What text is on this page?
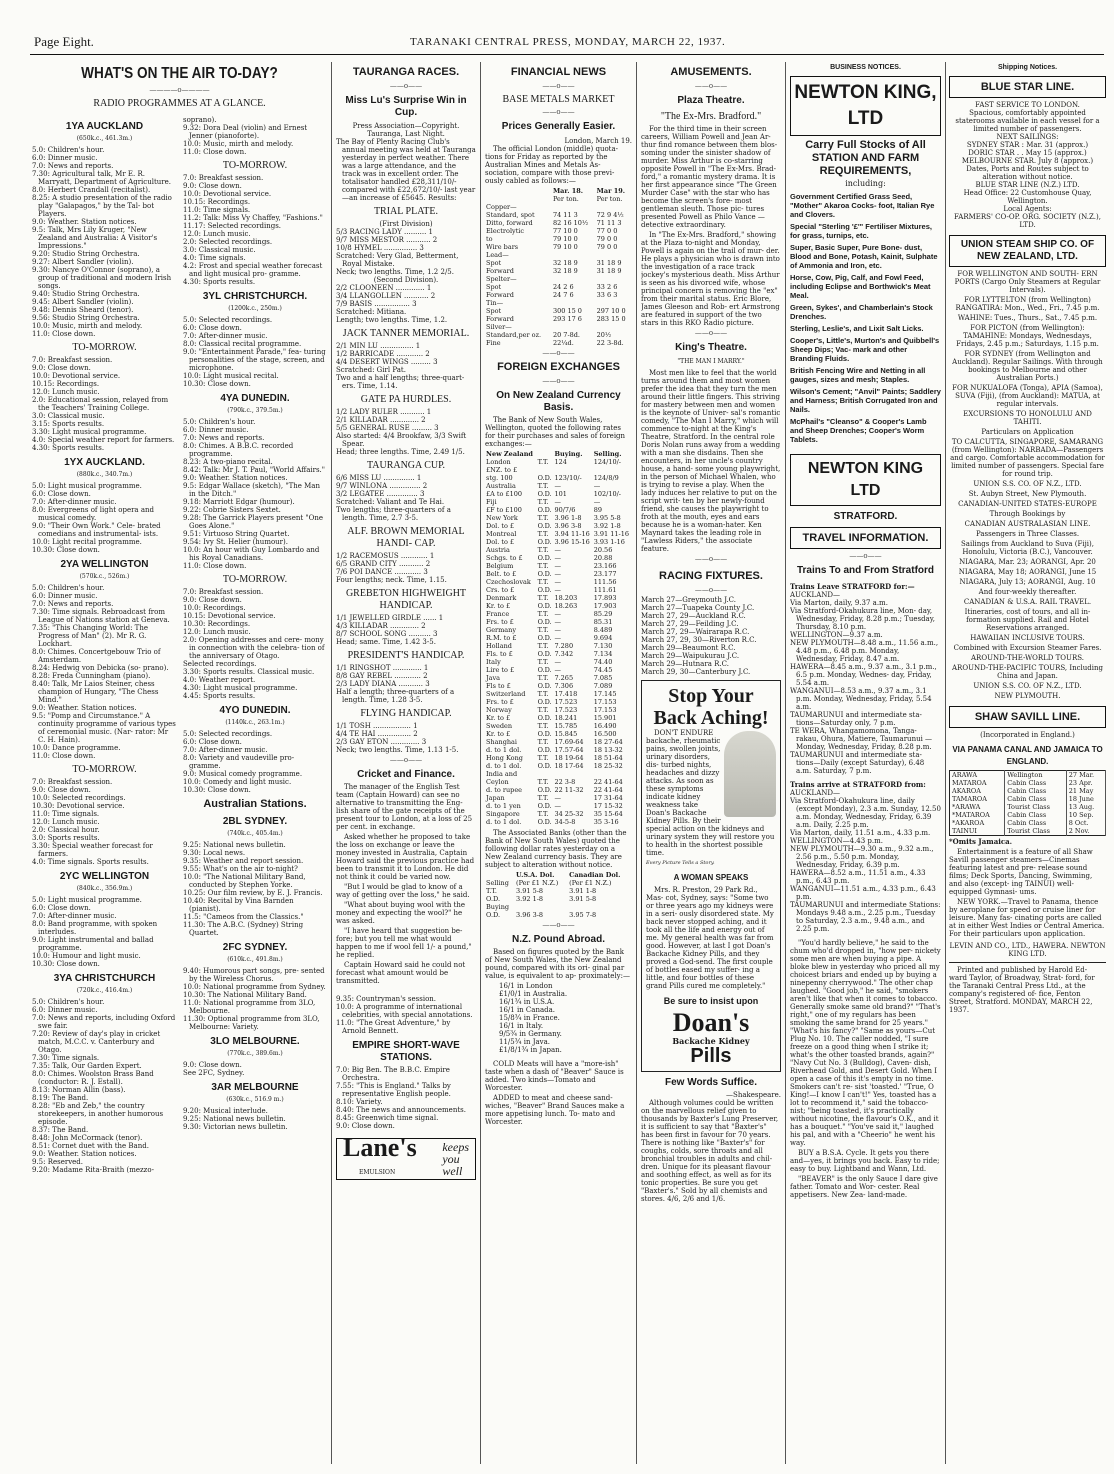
Page Eight.	TARANAKI CENTRAL PRESS, MONDAY, MARCH 22, 1937.
WHAT'S ON THE AIR TO-DAY?
————o————
RADIO PROGRAMMES AT A GLANCE.
1YA AUCKLAND
(650k.c., 461.3m.)

5.0: Children's hour.

6.0: Dinner music.

7.0: News and reports.

7.30: Agricultural talk, Mr E. R. Marryatt, Department of Agriculture.

8.0: Herbert Crandall (recitalist).

8.25: A studio presentation of the radio play "Galapagos," by the Tal- bot Players.

9.0: Weather. Station notices.

9.5: Talk, Mrs Lily Kruger, "New Zealand and Australia: A Visitor's Impressions."

9.20: Studio String Orchestra.

9.27: Albert Sandler (violin).

9.30: Nancye O'Connor (soprano), a group of traditional and modern Irish songs.

9.40: Studio String Orchestra.

9.45: Albert Sandler (violin).

9.48: Dennis Sheard (tenor).

9.56: Studio String Orchestra.

10.0: Music, mirth and melody.

11.0: Close down.

TO-MORROW.

7.0: Breakfast session.

9.0: Close down.

10.0: Devotional service.

10.15: Recordings.

12.0: Lunch music.

2.0: Educational session, relayed from the Teachers' Training College.

3.0: Classical music.

3.15: Sports results.

3.30: Light musical programme.

4.0: Special weather report for farmers.

4.30: Sports results.

1YX AUCKLAND.
(880k.c., 340.7m.)

5.0: Light musical programme.

6.0: Close down.

7.0: After-dinner music.

8.0: Evergreens of light opera and musical comedy.

9.0: "Their Own Work." Cele- brated comedians and instrumental- ists.

10.0: Light recital programme.

10.30: Close down.

2YA WELLINGTON
(570k.c., 526m.)

5.0: Children's hour.

6.0: Dinner music.

7.0: News and reports.

7.30: Time signals. Rebroadcast from League of Nations station at Geneva.

7.35: "This Changing World: The Progress of Man" (2). Mr R. G. Lockhart.

8.0: Chimes. Concertgebouw Trio of Amsterdam.

8.24: Hedwig von Debicka (so- prano).

8.28: Freda Cunningham (piano).

8.40: Talk, Mr Laios Steiner, chess champion of Hungary, "The Chess Mind."

9.0: Weather. Station notices.

9.5: "Pomp and Circumstance." A continuity programme of various types of ceremonial music. (Nar- rator: Mr C. H. Hain).

10.0: Dance programme.

11.0: Close down.

TO-MORROW.

7.0: Breakfast session.

9.0: Close down.

10.0: Selected recordings.

10.30: Devotional service.

11.0: Time signals.

12.0: Lunch music.

2.0: Classical hour.

3.0: Sports results.

3.30: Special weather forecast for farmers.

4.0: Time signals. Sports results.

2YC WELLINGTON
(840k.c., 356.9m.)

5.0: Light musical programme.

6.0: Close down.

7.0: After-dinner music.

8.0: Band programme, with spoken interludes.

9.0: Light instrumental and ballad programme.

10.0: Humour and light music.

10.30: Close down.

3YA CHRISTCHURCH
(720k.c., 416.4m.)

5.0: Children's hour.

6.0: Dinner music.

7.0: News and reports, including Oxford swe fair.

7.20: Review of day's play in cricket match, M.C.C. v. Canterbury and Otago.

7.30: Time signals.

7.35: Talk, Our Garden Expert.

8.0: Chimes. Woolston Brass Band (conductor: R. J. Estall).

8.13: Norman Allin (bass).

8.19: The Band.

8.28: "Eb and Zeb," the country storekeepers, in another humorous episode.

8.37: The Band.

8.48: John McCormack (tenor).

8.51: Cornet duet with the Band.

9.0: Weather. Station notices.

9.5: Reserved.

9.20: Madame Rita-Braith (mezzo-

soprano).

9.32: Dora Deal (violin) and Ernest Jenner (pianoforte).

10.0: Music, mirth and melody.

11.0: Close down.

TO-MORROW.

7.0: Breakfast session.

9.0: Close down.

10.0: Devotional service.

10.15: Recordings.

11.0: Time signals.

11.2: Talk: Miss Vy Chaffey, "Fashions."

11.17: Selected recordings.

12.0: Lunch music.

2.0: Selected recordings.

3.0: Classical music.

4.0: Time signals.

4.2: Frost and special weather forecast and light musical pro- gramme.

4.30: Sports results.

3YL CHRISTCHURCH.
(1200k.c., 250m.)

5.0: Selected recordings.

6.0: Close down.

7.0: After-dinner music.

8.0: Classical recital programme.

9.0: "Entertainment Parade," fea- turing personalities of the stage, screen, and microphone.

10.0: Light musical recital.

10.30: Close down.

4YA DUNEDIN.
(790k.c., 379.5m.)

5.0: Children's hour.

6.0: Dinner music.

7.0: News and reports.

8.0: Chimes. A B.B.C. recorded programme.

8.23: A two-piano recital.

8.42: Talk: Mr J. T. Paul, "World Affairs."

9.0: Weather. Station notices.

9.5: Edgar Wallace (sketch), "The Man in the Ditch."

9.18: Marriott Edgar (humour).

9.22: Cobrie Sisters Sextet.

9.28: The Garrick Players present "One Goes Alone."

9.51: Virtuoso String Quartet.

9.54: Ivy St. Helier (humour).

10.0: An hour with Guy Lombardo and his Royal Canadians.

11.0: Close down.

TO-MORROW.

7.0: Breakfast session.

9.0: Close down.

10.0: Recordings.

10.15: Devotional service.

10.30: Recordings.

12.0: Lunch music.

2.0: Opening addresses and cere- mony in connection with the celebra- tion of the anniversary of Otago.

Selected recordings.

3.30: Sports results. Classical music.

4.0: Weather report.

4.30: Light musical programme.

4.45: Sports results.

4YO DUNEDIN.
(1140k.c., 263.1m.)

5.0: Selected recordings.

6.0: Close down.

7.0: After-dinner music.

8.0: Variety and vaudeville pro- gramme.

9.0: Musical comedy programme.

10.0: Comedy and light music.

10.30: Close down.

Australian Stations.
2BL SYDNEY.
(740k.c., 405.4m.)

9.25: National news bulletin.

9.30: Local news.

9.35: Weather and report session.

9.55: What's on the air to-night?

10.0: "The National Military Band, conducted by Stephen Yorke.

10.25: Our film review, by E. J. Francis.

10.40: Recital by Vina Barnden (pianist).

11.5: "Cameos from the Classics."

11.30: The A.B.C. (Sydney) String Quartet.

2FC SYDNEY.
(610k.c., 491.8m.)

9.40: Humorous part songs, pre- sented by the Wireless Chorus.

10.0: National programme from Sydney.

10.30: The National Military Band.

11.0: National programme from 3LO, Melbourne.

11.30: Optional programme from 3LO, Melbourne: Variety.

3LO MELBOURNE.
(770k.c., 389.6m.)

9.0: Close down.

See 2FC, Sydney.

3AR MELBOURNE
(630k.c., 516.9 m.)

9.20: Musical interlude.

9.25: National news bulletin.

9.30: Victorian news bulletin.

TAURANGA RACES.
——o——
Miss Lu's Surprise Win in Cup.
Press Association—Copyright.
Tauranga, Last Night.

The Bay of Plenty Racing Club's annual meeting was held at Tauranga yesterday in perfect weather. There was a large attendance, and the track was in excellent order. The totalisator handled £28,311/10/- compared with £22,672/10/- last year—an increase of £5645. Results:

TRIAL PLATE.
(First Division)

5/3 RACING LADY .......... 1

9/7 MISS MESTOR ........... 2

10/8 HYMEL ............... 3

Scratched: Very Glad, Betterment, Royal Mistake.

Neck; two lengths. Time, 1.2 2/5.

(Second Division).

2/2 CLOONEEN ............. 1

3/4 LLANGOLLEN ........... 2

7/9 BASIS ................ 3

Scratched: Mitiana.

Length; two lengths. Time, 1.2.

JACK TANNER MEMORIAL.

2/1 MIN LU ............... 1

1/2 BARRICADE ............ 2

4/4 DESERT WINGS ......... 3

Scratched: Girl Pat.

Two and a half lengths; three-quart- ers. Time, 1.14.

GATE PA HURDLES.

1/2 LADY RULER ........... 1

2/1 KILLADAR ............. 2

5/5 GENERAL RUSE ......... 3

Also started: 4/4 Brookfaw, 3/3 Swift Spear.

Head; three lengths. Time, 2.49 1/5.

TAURANGA CUP.

6/6 MISS LU .............. 1

9/7 WINLONA .............. 2

3/2 LEGATEE .............. 3

Scratched: Valiant and Te Hai.

Two lengths; three-quarters of a length. Time, 2.7 3-5.

ALF. BROWN MEMORIAL HANDI- CAP.

1/2 RACEMOSUS ............ 1

6/5 GRAND CITY ........... 2

7/6 POI DANCE ............ 3

Four lengths; neck. Time, 1.15.

GREBETON HIGHWEIGHT HANDICAP.

1/1 JEWELLED GIRDLE ...... 1

4/3 KILLADAR ............. 2

8/7 SCHOOL SONG .......... 3

Head; same. Time, 1.42 3-5.

PRESIDENT'S HANDICAP.

1/1 RINGSHOT ............. 1

8/8 GAY REBEL ............ 2

2/3 LADY DIANA ........... 3

Half a length; three-quarters of a length. Time, 1.28 3-5.

FLYING HANDICAP.

1/1 TOSH ................. 1

4/4 TE HAI ............... 2

2/3 GAY ETON ............. 3

Neck; two lengths. Time, 1.13 1-5.

——o——
Cricket and Finance.

The manager of the English Test team (Captain Howard) can see no alternative to transmitting the Eng- lish share of the gate receipts of the present tour to London, at a loss of 25 per cent. in exchange.

Asked whether he proposed to take the loss on exchange or leave the money invested in Australia, Captain Howard said the previous practice had been to transmit it to London. He did not think it could be varied now.

"But I would be glad to know of a way of getting over the loss," he said.

"What about buying wool with the money and expecting the wool?" he was asked.

"I have heard that suggestion be- fore; but you tell me what would happen to me if wool fell 1/- a pound," he replied.

Captain Howard said he could not forecast what amount would be transmitted.

9.35: Countryman's session.

10.0: A programme of international celebrities, with special annotations.

11.0: "The Great Adventure," by Arnold Bennett.

EMPIRE SHORT-WAVE STATIONS.

7.0: Big Ben. The B.B.C. Empire Orchestra.

7.55: "This is England." Talks by representative English people.

8.10: Variety.

8.40: The news and announcements.

8.45: Greenwich time signal.

9.0: Close down.

Lane's
EMULSION
keeps
you
well
FINANCIAL NEWS
——o——
BASE METALS MARKET
——o——
Prices Generally Easier.
London, March 19.

The official London (middle) quota- tions for Friday as reported by the Australian Mines and Metals As- sociation, compare with those previ- ously cabled as follows:—

	Mar. 18.	Mar 19.
	Per ton.	Per ton.
Copper—		
Standard, spot	74 11 3	72 9 4½
Ditto, forward	82 16 10½	71 11 3
Electrolytic	77 10 0	77 0 0
to	79 10 0	79 0 0
Wire bars	79 10 0	79 0 0
Lead—		
Spot	32 18 9	31 18 9
Forward	32 18 9	31 18 9
Spelter—		
Spot	24 2 6	33 2 6
Forward	24 7 6	33 6 3
Tin—		
Spot	300 15 0	297 10 0
Forward	293 17 6	283 15 0
Silver—		
Standard,per oz.	20 7-8d.	20½
Fine	22¼d.	22 3-8d.
——o——
FOREIGN EXCHANGES
——o——
On New Zealand Currency Basis.

The Bank of New South Wales, Wellington, quoted the following rates for their purchases and sales of foreign exchanges:—

New Zealand		Buying.	Selling.
London	T.T.	124	124/10/-
£NZ. to £			
stg. 100	O.D.	123/10/-	124/8/9
Australia	T.T.	—	—
£A to £100	O.D.	101	102/10/-
Fiji	T.T.	—	—
£F to £100	O.D.	90/7/6	89
New York	T.T.	3.96 1-8	3.95 5-8
Dol. to £	O.D.	3.96 3-8	3.92 1-8
Montreal	T.T.	3.94 11-16	3.91 11-16
Dol. to £	O.D.	3.96 15-16	3.93 1-16
Austria	T.T.	—	20.56
Schgs. to £	O.D.	—	20.88
Belgium	T.T.	—	23.166
Belt. to £	O.D.	—	23.177
Czechoslovak	T.T.	—	111.56
Crs. to £	O.D.	—	111.61
Denmark	T.T.	18.203	17.893
Kr. to £	O.D.	18.263	17.903
France	T.T.	—	85.29
Frs. to £	O.D.	—	85.31
Germany	T.T.	—	8.489
R.M. to £	O.D.	—	9.694
Holland	T.T.	7.280	7.130
Fls. to £	O.D.	7.342	7.134
Italy	T.T.	—	74.40
Lire to £	O.D.	—	74.45
Java	T.T.	7.265	7.085
Fls to £	O.D.	7.306	7.089
Switzerland	T.T.	17.418	17.145
Frs. to £	O.D.	17.523	17.153
Norway	T.T.	17.523	17.153
Kr. to £	O.D.	18.241	15.901
Sweden	T.T.	15.785	16.490
Kr. to £	O.D.	15.845	16.500
Shanghai	T.T.	17.69-64	18 27-64
d. to 1 dol.	O.D.	17.57-64	18 13-32
Hong Kong	T.T.	18 19-64	18 51-64
d. to 1 dol.	O.D.	18 17-64	18 25-32
India and			
Ceylon	T.T.	22 3-8	22 41-64
d. to rupee	O.D.	22 11-32	22 41-64
Japan	T.T.	—	17 31-64
d. to 1 yen	O.D.	—	17 15-32
Singapore	T.T.	34 25-32	35 15-64
d. to 1 dol.	O.D.	34-5-8	35 3-16

The Associated Banks (other than the Bank of New South Wales) quoted the following dollar rates yesterday on a New Zealand currency basis. They are subject to alteration without notice.

	U.S.A. Dol.	Canadian Dol.
Selling	(Per £1 N.Z.)	(Per £1 N.Z.)
T.T.	3.91 5-8	3.91 1-8
O.D.	3.92 1-8	3.91 5-8
Buying		
O.D.	3.96 3-8	3.95 7-8
——o——
N.Z. Pound Abroad.

Based on figures quoted by the Bank of New South Wales, the New Zealand pound, compared with its ori- ginal par value, is equivalent to ap- proximately:—

16/1 in London

£1/0/1 in Australia.

16/1¾ in U.S.A.

16/1 in Canada.

15/8¾ in France.

16/1 in Italy.

9/5¾ in Germany.

11/5¾ in Java.

£1/8/1¾ in Japan.

COLD Meats will have a "more-ish" taste when a dash of "Beaver" Sauce is added. Two kinds—Tomato and Worcester.

ADDED to meat and cheese sand- wiches, "Beaver" Brand Sauces make a more appetising lunch. To- mato and Worcester.

AMUSEMENTS.
——o——
Plaza Theatre.
"The Ex-Mrs. Bradford."

For the third time in their screen careers, William Powell and Jean Ar- thur find romance between them blos- soming under the sinister shadow of murder. Miss Arthur is co-starring opposite Powell in "The Ex-Mrs. Brad- ford," a romantic mystery drama. It is her first appearance since "The Green Murder Case" with the star who has become the screen's fore- most gentleman sleuth. Those pic- tures presented Powell as Philo Vance —detective extraordinary.

In "The Ex-Mrs. Bradford," showing at the Plaza to-night and Monday, Powell is again on the trail of mur- der. He plays a physician who is drawn into the investigation of a race track jockey's mysterious death. Miss Arthur is seen as his divorced wife, whose principal concern is removing the "ex" from their marital status. Eric Blore, James Gleeson and Rob- ert Armstrong are featured in support of the two stars in this RKO Radio picture.

——o——
King's Theatre.
"THE MAN I MARRY."

Most men like to feel that the world turns around them and most women prefer the idea that they turn the men around their little fingers. This striving for mastery between men and women is the keynote of Univer- sal's romantic comedy, "The Man I Marry," which will commence to-night at the King's Theatre, Stratford. In the central role Doris Nolan runs away from a wedding with a man she disdains. Then she encounters, in her uncle's country house, a hand- some young playwright, in the person of Michael Whalen, who is trying to revise a play. When the lady induces her relative to put on the script writ- ten by her newly-found friend, she causes the playwright to froth at the mouth, eyes and ears because he is a woman-hater. Ken Maynard takes the leading role in "Lawless Riders," the associate feature.

——o——
RACING FIXTURES.
——o——

March 27—Greymouth J.C.

March 27—Tuapeka County J.C.

March 27, 29—Auckland R.C.

March 27, 29—Feilding J.C.

March 27, 29—Wairarapa R.C.

March 27, 29, 30—Riverton R.C.

March 29—Beaumont R.C.

March 29—Waipukurau J.C.

March 29—Hutnara R.C.

March 29, 30—Canterbury J.C.

Stop Your Back Aching!

DON'T ENDURE backache, rheumatic pains, swollen joints, urinary disorders, dis- turbed nights, headaches and dizzy attacks. As soon as these symptoms indicate kidney weakness take Doan's Backache Kidney Pills. By their special action on the kidneys and urinary system they will restore you to health in the shortest possible time.

Every Picture Tells a Story.
A WOMAN SPEAKS

Mrs. R. Preston, 29 Park Rd., Mas- cot, Sydney, says: "Some two or three years ago my kidneys were in a seri- ously disordered state. My back never stopped aching, and it took all the life and energy out of me. My general health was far from good. However, at last I got Doan's Backache Kidney Pills, and they proved a God-send. The first couple of bottles eased my suffer- ing a little, and four bottles of these grand Pills cured me completely."

Be sure to insist upon
Doan's
Backache Kidney
Pills
Few Words Suffice.
—Shakespeare.

Although volumes could be written on the marvellous relief given to thousands by Baxter's Lung Preserver, it is sufficient to say that "Baxter's" has been first in favour for 70 years. There is nothing like "Baxter's" for coughs, colds, sore throats and all bronchial troubles in adults and chil- dren. Unique for its pleasant flavour and soothing effect, as well as for its tonic properties. Be sure you get "Baxter's." Sold by all chemists and stores. 4/6, 2/6 and 1/6.

BUSINESS NOTICES.
NEWTON KING, LTD
Carry Full Stocks of All STATION AND FARM REQUIREMENTS,
including:
Government Certified Grass Seed, "Mother" Akaroa Cocks- foot, Italian Rye and Clovers.
Special "Sterling '£'" Fertiliser Mixtures, for grass, turnips, etc.
Super, Basic Super, Pure Bone- dust, Blood and Bone, Potash, Kainit, Sulphate of Ammonia and Iron, etc.
Horse, Cow, Pig, Calf, and Fowl Feed, including Eclipse and Borthwick's Meat Meal.
Green, Sykes', and Chamberlain's Stock Drenches.
Sterling, Leslie's, and Lixit Salt Licks.
Cooper's, Little's, Murton's and Quibbell's Sheep Dips; Vac- mark and other Branding Fluids.
British Fencing Wire and Netting in all gauges, sizes and mesh; Staples.
Wilson's Cement; "Anvil" Paints; Saddlery and Harness; British Corrugated Iron and Nails.
McPhail's "Cleanso" & Cooper's Lamb and Sheep Drenches; Cooper's Worm Tablets.
NEWTON KING LTD
STRATFORD.
TRAVEL INFORMATION.
——o——
Trains To and From Stratford
Trains Leave STRATFORD for:—

AUCKLAND—

Via Marton, daily, 9.37 a.m.

Via Stratford-Okahukura line, Mon- day, Wednesday, Friday, 8.28 p.m.; Tuesday, Thursday, 8.10 p.m.

WELLINGTON—9.37 a.m.

NEW PLYMOUTH—8.48 a.m., 11.56 a.m., 4.48 p.m., 6.48 p.m. Monday, Wednesday, Friday, 8.47 a.m.

HAWERA—8.45 a.m., 9.37 a.m., 3.1 p.m., 6.5 p.m. Monday, Wednes- day, Friday, 5.54 a.m.

WANGANUI—8.53 a.m., 9.37 a.m., 3.1 p.m. Monday, Wednesday, Friday, 5.54 a.m.

TAUMARUNUI and intermediate sta- tions—Saturday only, 7 p.m.

TE WERA, Whangamomona, Tanga- rakau, Ohura, Matiere, Taumarunui —Monday, Wednesday, Friday, 8.28 p.m.

TAUMARUNUI and intermediate sta- tions—Daily (except Saturday), 6.48 a.m. Saturday, 7 p.m.

Trains arrive at STRATFORD from:

AUCKLAND—

Via Stratford-Okahukura line, daily (except Monday), 2.3 a.m. Sunday, 12.50 a.m. Monday, Wednesday, Friday, 6.39 a.m. Daily, 2.25 p.m.

Via Marton, daily, 11.51 a.m., 4.33 p.m.

WELLINGTON—4.43 p.m.

NEW PLYMOUTH—9.30 a.m., 9.32 a.m., 2.56 p.m., 5.50 p.m. Monday, Wednesday, Friday, 6.39 p.m.

HAWERA—8.52 a.m., 11.51 a.m., 4.33 p.m., 6.43 p.m.

WANGANUI—11.51 a.m., 4.33 p.m., 6.43 p.m.

TAUMARUNUI and intermediate Stations: Mondays 9.48 a.m., 2.25 p.m., Tuesday to Saturday, 2.3 a.m., 9.48 a.m., and 2.25 p.m.

"You'd hardly believe," he said to the chum who'd dropped in, "how per- nickety some men are when buying a pipe. A bloke blew in yesterday who priced all my choicest briars and ended up by buying a ninepenny cherrywood." The other chap laughed. "Good job," he said, "smokers aren't like that when it comes to tobacco. Generally smoke same old brand?" "That's right," one of my regulars has been smoking the same brand for 25 years." "What's his fancy?" "Same as yours—Cut Plug No. 10. The caller nodded, "I sure freeze on a good thing when I strike it; what's the other toasted brands, again?" "Navy Cut No. 3 (Bulldog), Caven- dish, Riverhead Gold, and Desert Gold. When I open a case of this it's empty in no time. Smokers can't re- sist 'toasted.' "True, O King!—I know I can't!" Yes, toasted has a lot to recommend it," said the tobacco- nist; "being toasted, it's practically without nicotine, the flavour's O.K., and it has a bouquet." "You've said it," laughed his pal, and with a "Cheerio" he went his way.

BUY a B.S.A. Cycle. It gets you there and—yes, it brings you back. Easy to ride; easy to buy. Lightband and Wann, Ltd.

"BEAVER" is the only Sauce I dare give father. Tomato and Wor- cester. Real appetisers. New Zea- land-made.

Shipping Notices.
BLUE STAR LINE.
FAST SERVICE TO LONDON.
Spacious, comfortably appointed staterooms available in each vessel for a limited number of passengers.
NEXT SAILINGS:
SYDNEY STAR : Mar. 31 (approx.)
DORIC STAR . . May 15 (approx.)
MELBOURNE STAR. July 8 (approx.)
Dates, Ports and Routes subject to alteration without notice.
BLUE STAR LINE (N.Z.) LTD.
Head Office: 22 Customhouse Quay, Wellington.
Local Agents:
FARMERS' CO-OP. ORG. SOCIETY (N.Z.), LTD.
UNION STEAM SHIP CO. OF NEW ZEALAND, LTD.
FOR WELLINGTON AND SOUTH- ERN PORTS (Cargo Only Steamers at Regular Intervals).
FOR LYTTELTON (from Wellington) RANGATIRA: Mon., Wed., Fri., 7.45 p.m.
WAHINE: Tues., Thurs., Sat., 7.45 p.m.
FOR PICTON (from Wellington): TAMAHINE: Mondays, Wednesdays, Fridays, 2.45 p.m.; Saturdays, 1.15 p.m.
FOR SYDNEY (from Wellington and Auckland). Regular Sailings. With through bookings to Melbourne and other Australian Ports.)
FOR NUKUALOFA (Tonga), APIA (Samoa), SUVA (Fiji), (from Auckland): MATUA, at regular intervals.
EXCURSIONS TO HONOLULU AND TAHITI.
Particulars on Application
TO CALCUTTA, SINGAPORE, SAMARANG (from Wellington): NARBADA—Passengers and cargo. Comfortable accommodation for limited number of passengers. Special fare for round trip.
UNION S.S. CO. OF N.Z., LTD.
St. Aubyn Street, New Plymouth.
CANADIAN-UNITED STATES-EUROPE
Through Bookings by
CANADIAN AUSTRALASIAN LINE.
Passengers in Three Classes.
Sailings from Auckland to Suva (Fiji), Honolulu, Victoria (B.C.), Vancouver.
NIAGARA, Mar. 23; AORANGI, Apr. 20
NIAGARA, May 18; AORANGI, June 15
NIAGARA, July 13; AORANGI, Aug. 10
And four-weekly thereafter.
CANADIAN & U.S.A. RAIL TRAVEL.
Itineraries, cost of tours, and all in- formation supplied. Rail and Hotel Reservations arranged.
HAWAIIAN INCLUSIVE TOURS.
Combined with Excursion Steamer Fares.
AROUND-THE-WORLD TOURS.
AROUND-THE-PACIFIC TOURS, Including China and Japan.
UNION S.S. CO. OF N.Z., LTD.
NEW PLYMOUTH.
SHAW SAVILL LINE.
(Incorporated in England.)
VIA PANAMA CANAL AND JAMAICA TO ENGLAND.
ARAWA	Wellington	27 Mar.
MATAROA	Cabin Class	23 Apr.
AKAROA	Cabin Class	21 May
TAMAROA	Cabin Class	18 June
*ARAWA	Tourist Class	13 Aug.
*MATAROA	Cabin Class	10 Sep.
*AKAROA	Cabin Class	8 Oct.
TAINUI	Tourist Class	2 Nov.
*Omits Jamaica.

Entertainment is a feature of all Shaw Savill passenger steamers—Cinemas featuring latest and pre- release sound films; Deck Sports, Dancing, Swimming, and also (except- ing TAINUI) well-equipped Gymnasi- ums.

NEW YORK.—Travel to Panama, thence by aeroplane for speed or cruise liner for leisure. Many fas- cinating ports are called at in either West Indies or Central America. For their particulars upon application.

LEVIN AND CO., LTD., HAWERA. NEWTON KING LTD.

Printed and published by Harold Ed- ward Taylor, of Broadway, Strat- ford, for the Taranaki Central Press Ltd., at the company's registered of- fice, Fenton Street, Stratford. MONDAY, MARCH 22, 1937.
